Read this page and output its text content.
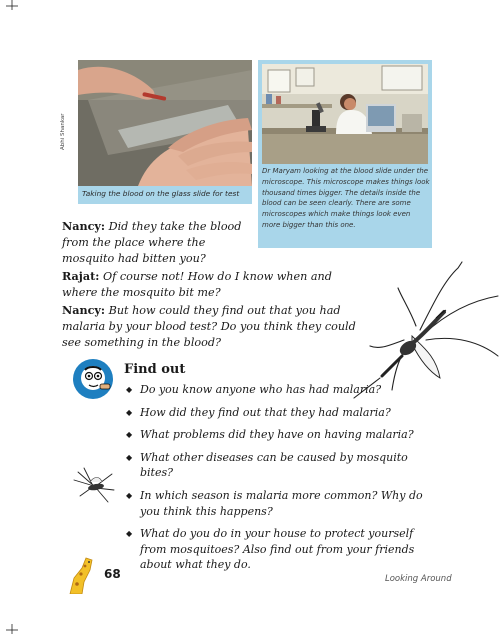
Abhi Shankar
Taking the blood on the glass slide for test
Dr Maryam looking at the blood slide under the microscope. This microscope makes things look thousand times bigger. The details inside the blood can be seen clearly. There are some microscopes which make things look even more bigger than this one.
Nancy: Did they take the blood from the place where the mosquito had bitten you?
Rajat: Of course not! How do I know when and where the mosquito bit me?
Nancy: But how could they find out that you had malaria by your blood test? Do you think they could see something in the blood?
Find out
◆ Do you know anyone who has had malaria?
◆ How did they find out that they had malaria?
◆ What problems did they have on having malaria?
◆ What other diseases can be caused by mosquito bites?
◆ In which season is malaria more common? Why do you think this happens?
◆ What do you do in your house to protect yourself from mosquitoes? Also find out from your friends about what they do.
68	Looking Around
